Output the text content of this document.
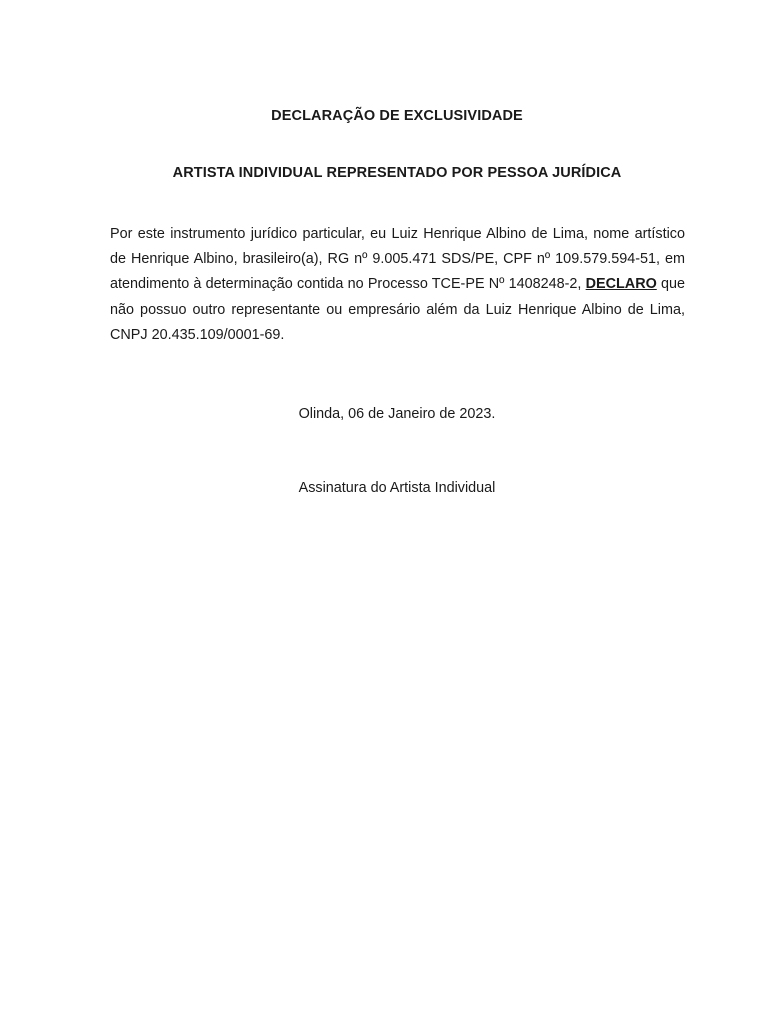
DECLARAÇÃO DE EXCLUSIVIDADE

ARTISTA INDIVIDUAL REPRESENTADO POR PESSOA JURÍDICA

Por este instrumento jurídico particular, eu Luiz Henrique Albino de Lima, nome artístico de Henrique Albino, brasileiro(a), RG nº 9.005.471 SDS/PE, CPF nº 109.579.594-51, em atendimento à determinação contida no Processo TCE-PE Nº 1408248-2, DECLARO que não possuo outro representante ou empresário além da Luiz Henrique Albino de Lima, CNPJ 20.435.109/0001-69.

Olinda, 06 de Janeiro de 2023.

Assinatura do Artista Individual
